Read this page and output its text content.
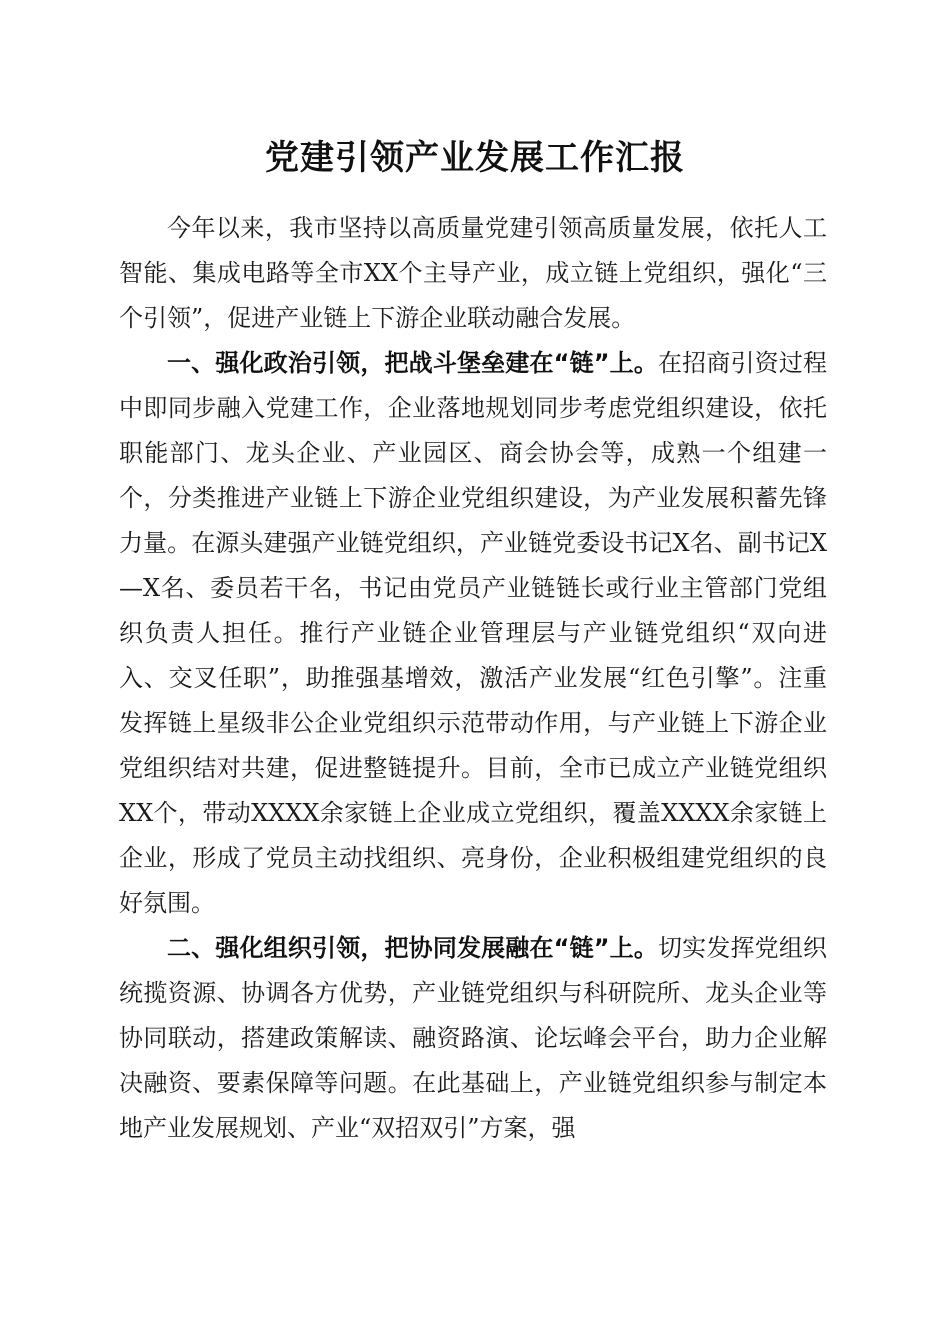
党建引领产业发展工作汇报

今年以来，我市坚持以高质量党建引领高质量发展，依托人工智能、集成电路等全市XX个主导产业，成立链上党组织，强化“三个引领”，促进产业链上下游企业联动融合发展。

一、强化政治引领，把战斗堡垒建在“链”上。在招商引资过程中即同步融入党建工作，企业落地规划同步考虑党组织建设，依托职能部门、龙头企业、产业园区、商会协会等，成熟一个组建一个，分类推进产业链上下游企业党组织建设，为产业发展积蓄先锋力量。在源头建强产业链党组织，产业链党委设书记X名、副书记X—X名、委员若干名，书记由党员产业链链长或行业主管部门党组织负责人担任。推行产业链企业管理层与产业链党组织“双向进入、交叉任职”，助推强基增效，激活产业发展“红色引擎”。注重发挥链上星级非公企业党组织示范带动作用，与产业链上下游企业党组织结对共建，促进整链提升。目前，全市已成立产业链党组织XX个，带动XXXX余家链上企业成立党组织，覆盖XXXX余家链上企业，形成了党员主动找组织、亮身份，企业积极组建党组织的良好氛围。

二、强化组织引领，把协同发展融在“链”上。切实发挥党组织统揽资源、协调各方优势，产业链党组织与科研院所、龙头企业等协同联动，搭建政策解读、融资路演、论坛峰会平台，助力企业解决融资、要素保障等问题。在此基础上，产业链党组织参与制定本地产业发展规划、产业“双招双引”方案，强
